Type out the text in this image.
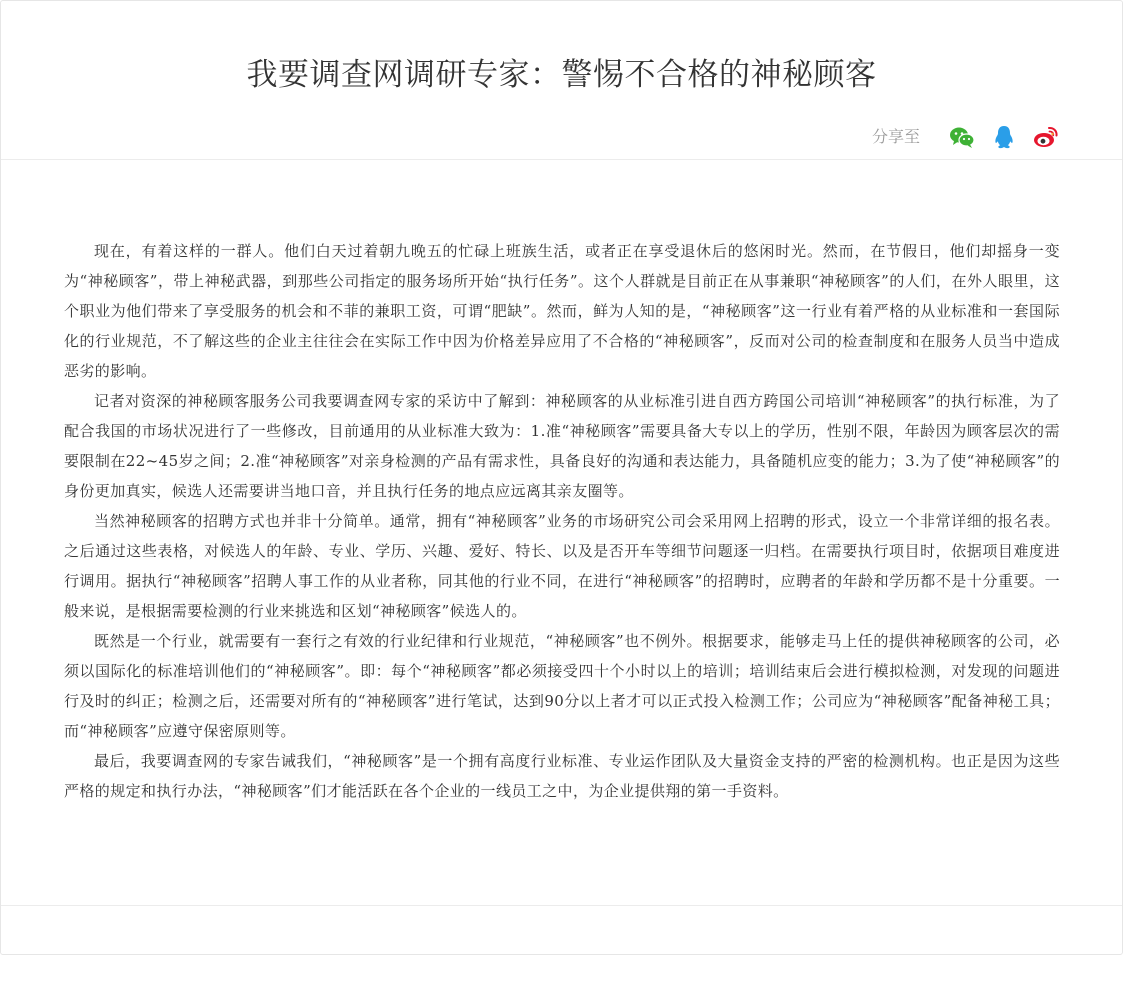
我要调查网调研专家：警惕不合格的神秘顾客
分享至

现在，有着这样的一群人。他们白天过着朝九晚五的忙碌上班族生活，或者正在享受退休后的悠闲时光。然而，在节假日，他们却摇身一变为“神秘顾客”，带上神秘武器，到那些公司指定的服务场所开始“执行任务”。这个人群就是目前正在从事兼职“神秘顾客”的人们，在外人眼里，这个职业为他们带来了享受服务的机会和不菲的兼职工资，可谓“肥缺”。然而，鲜为人知的是，“神秘顾客”这一行业有着严格的从业标准和一套国际化的行业规范，不了解这些的企业主往往会在实际工作中因为价格差异应用了不合格的“神秘顾客”，反而对公司的检查制度和在服务人员当中造成恶劣的影响。

记者对资深的神秘顾客服务公司我要调查网专家的采访中了解到：神秘顾客的从业标准引进自西方跨国公司培训“神秘顾客”的执行标准，为了配合我国的市场状况进行了一些修改，目前通用的从业标准大致为：1.准“神秘顾客”需要具备大专以上的学历，性别不限，年龄因为顾客层次的需要限制在22~45岁之间；2.准“神秘顾客”对亲身检测的产品有需求性，具备良好的沟通和表达能力，具备随机应变的能力；3.为了使“神秘顾客”的身份更加真实，候选人还需要讲当地口音，并且执行任务的地点应远离其亲友圈等。

当然神秘顾客的招聘方式也并非十分简单。通常，拥有“神秘顾客”业务的市场研究公司会采用网上招聘的形式，设立一个非常详细的报名表。之后通过这些表格，对候选人的年龄、专业、学历、兴趣、爱好、特长、以及是否开车等细节问题逐一归档。在需要执行项目时，依据项目难度进行调用。据执行“神秘顾客”招聘人事工作的从业者称，同其他的行业不同，在进行“神秘顾客”的招聘时，应聘者的年龄和学历都不是十分重要。一般来说，是根据需要检测的行业来挑选和区划“神秘顾客”候选人的。

既然是一个行业，就需要有一套行之有效的行业纪律和行业规范，“神秘顾客”也不例外。根据要求，能够走马上任的提供神秘顾客的公司，必须以国际化的标准培训他们的“神秘顾客”。即：每个“神秘顾客”都必须接受四十个小时以上的培训；培训结束后会进行模拟检测，对发现的问题进行及时的纠正；检测之后，还需要对所有的“神秘顾客”进行笔试，达到90分以上者才可以正式投入检测工作；公司应为“神秘顾客”配备神秘工具；而“神秘顾客”应遵守保密原则等。

最后，我要调查网的专家告诫我们，“神秘顾客”是一个拥有高度行业标准、专业运作团队及大量资金支持的严密的检测机构。也正是因为这些严格的规定和执行办法，“神秘顾客”们才能活跃在各个企业的一线员工之中，为企业提供翔的第一手资料。
